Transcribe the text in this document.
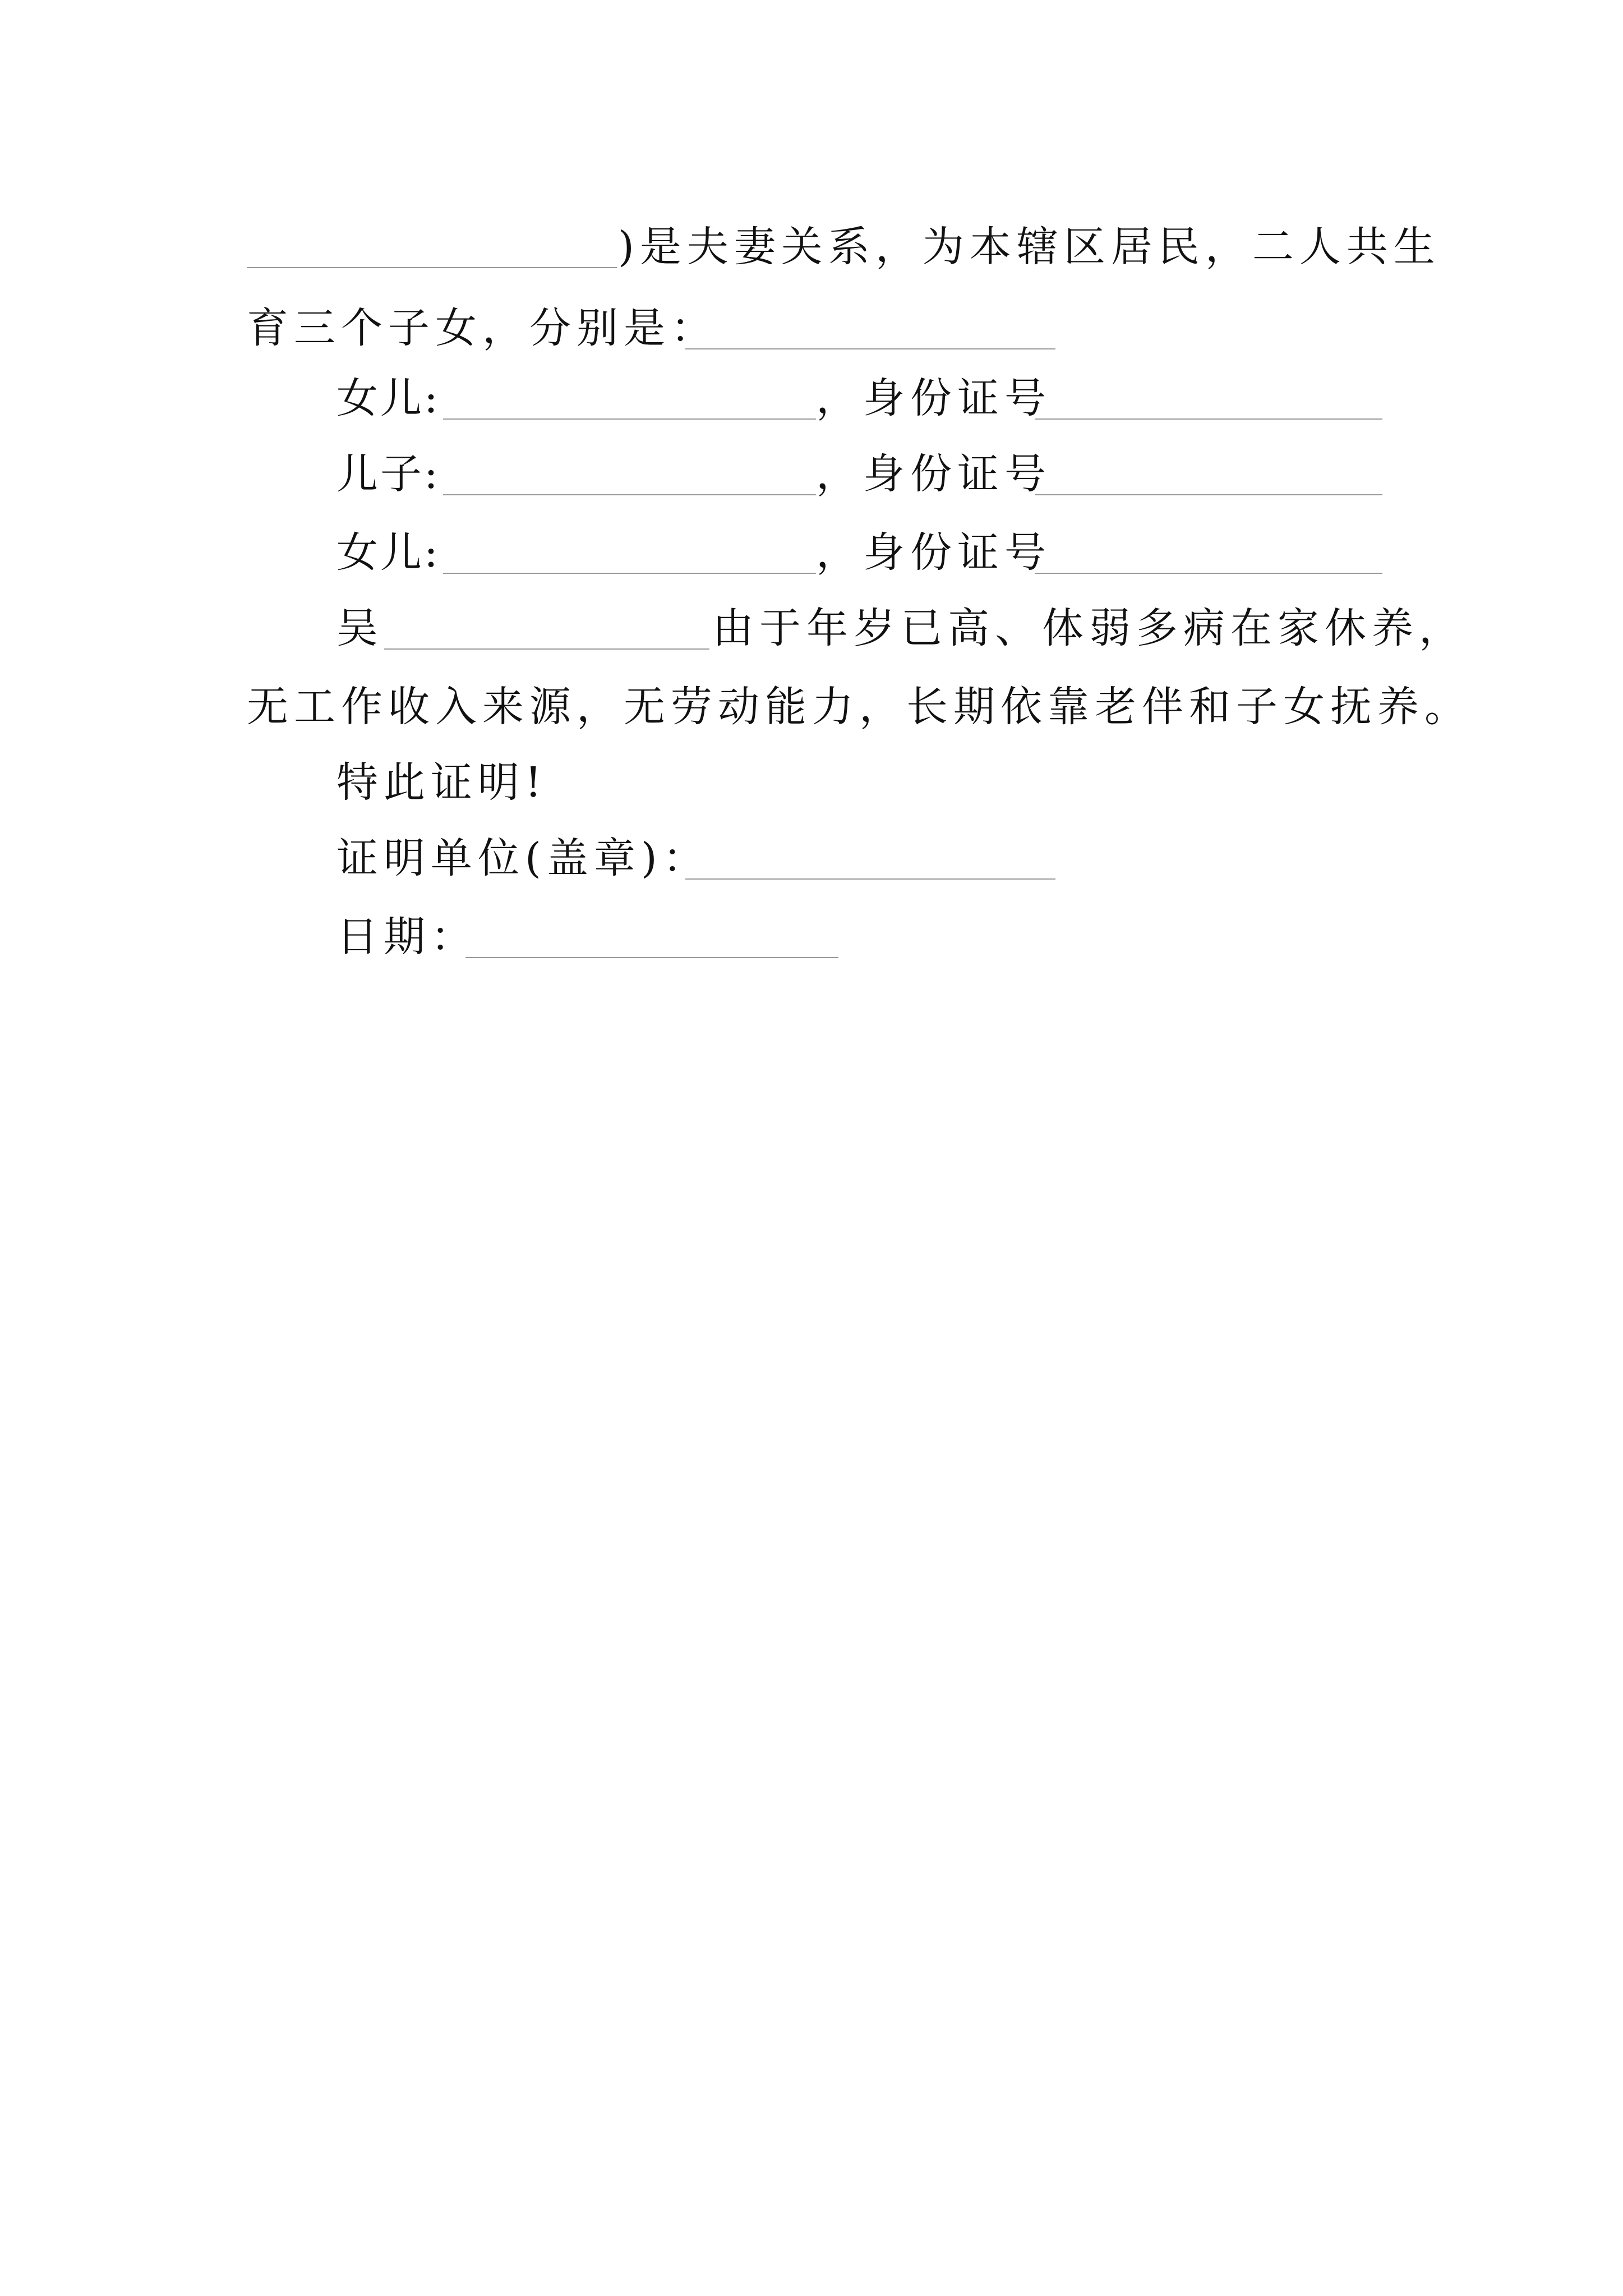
)是夫妻关系，为本辖区居民，二人共生
育三个子女，分别是：
女儿:	，身份证号
儿子:	，身份证号
女儿:	，身份证号
吴	由于年岁已高、体弱多病在家休养，
无工作收入来源，无劳动能力，长期依靠老伴和子女抚养。
特此证明!
证明单位(盖章)：
日期：
